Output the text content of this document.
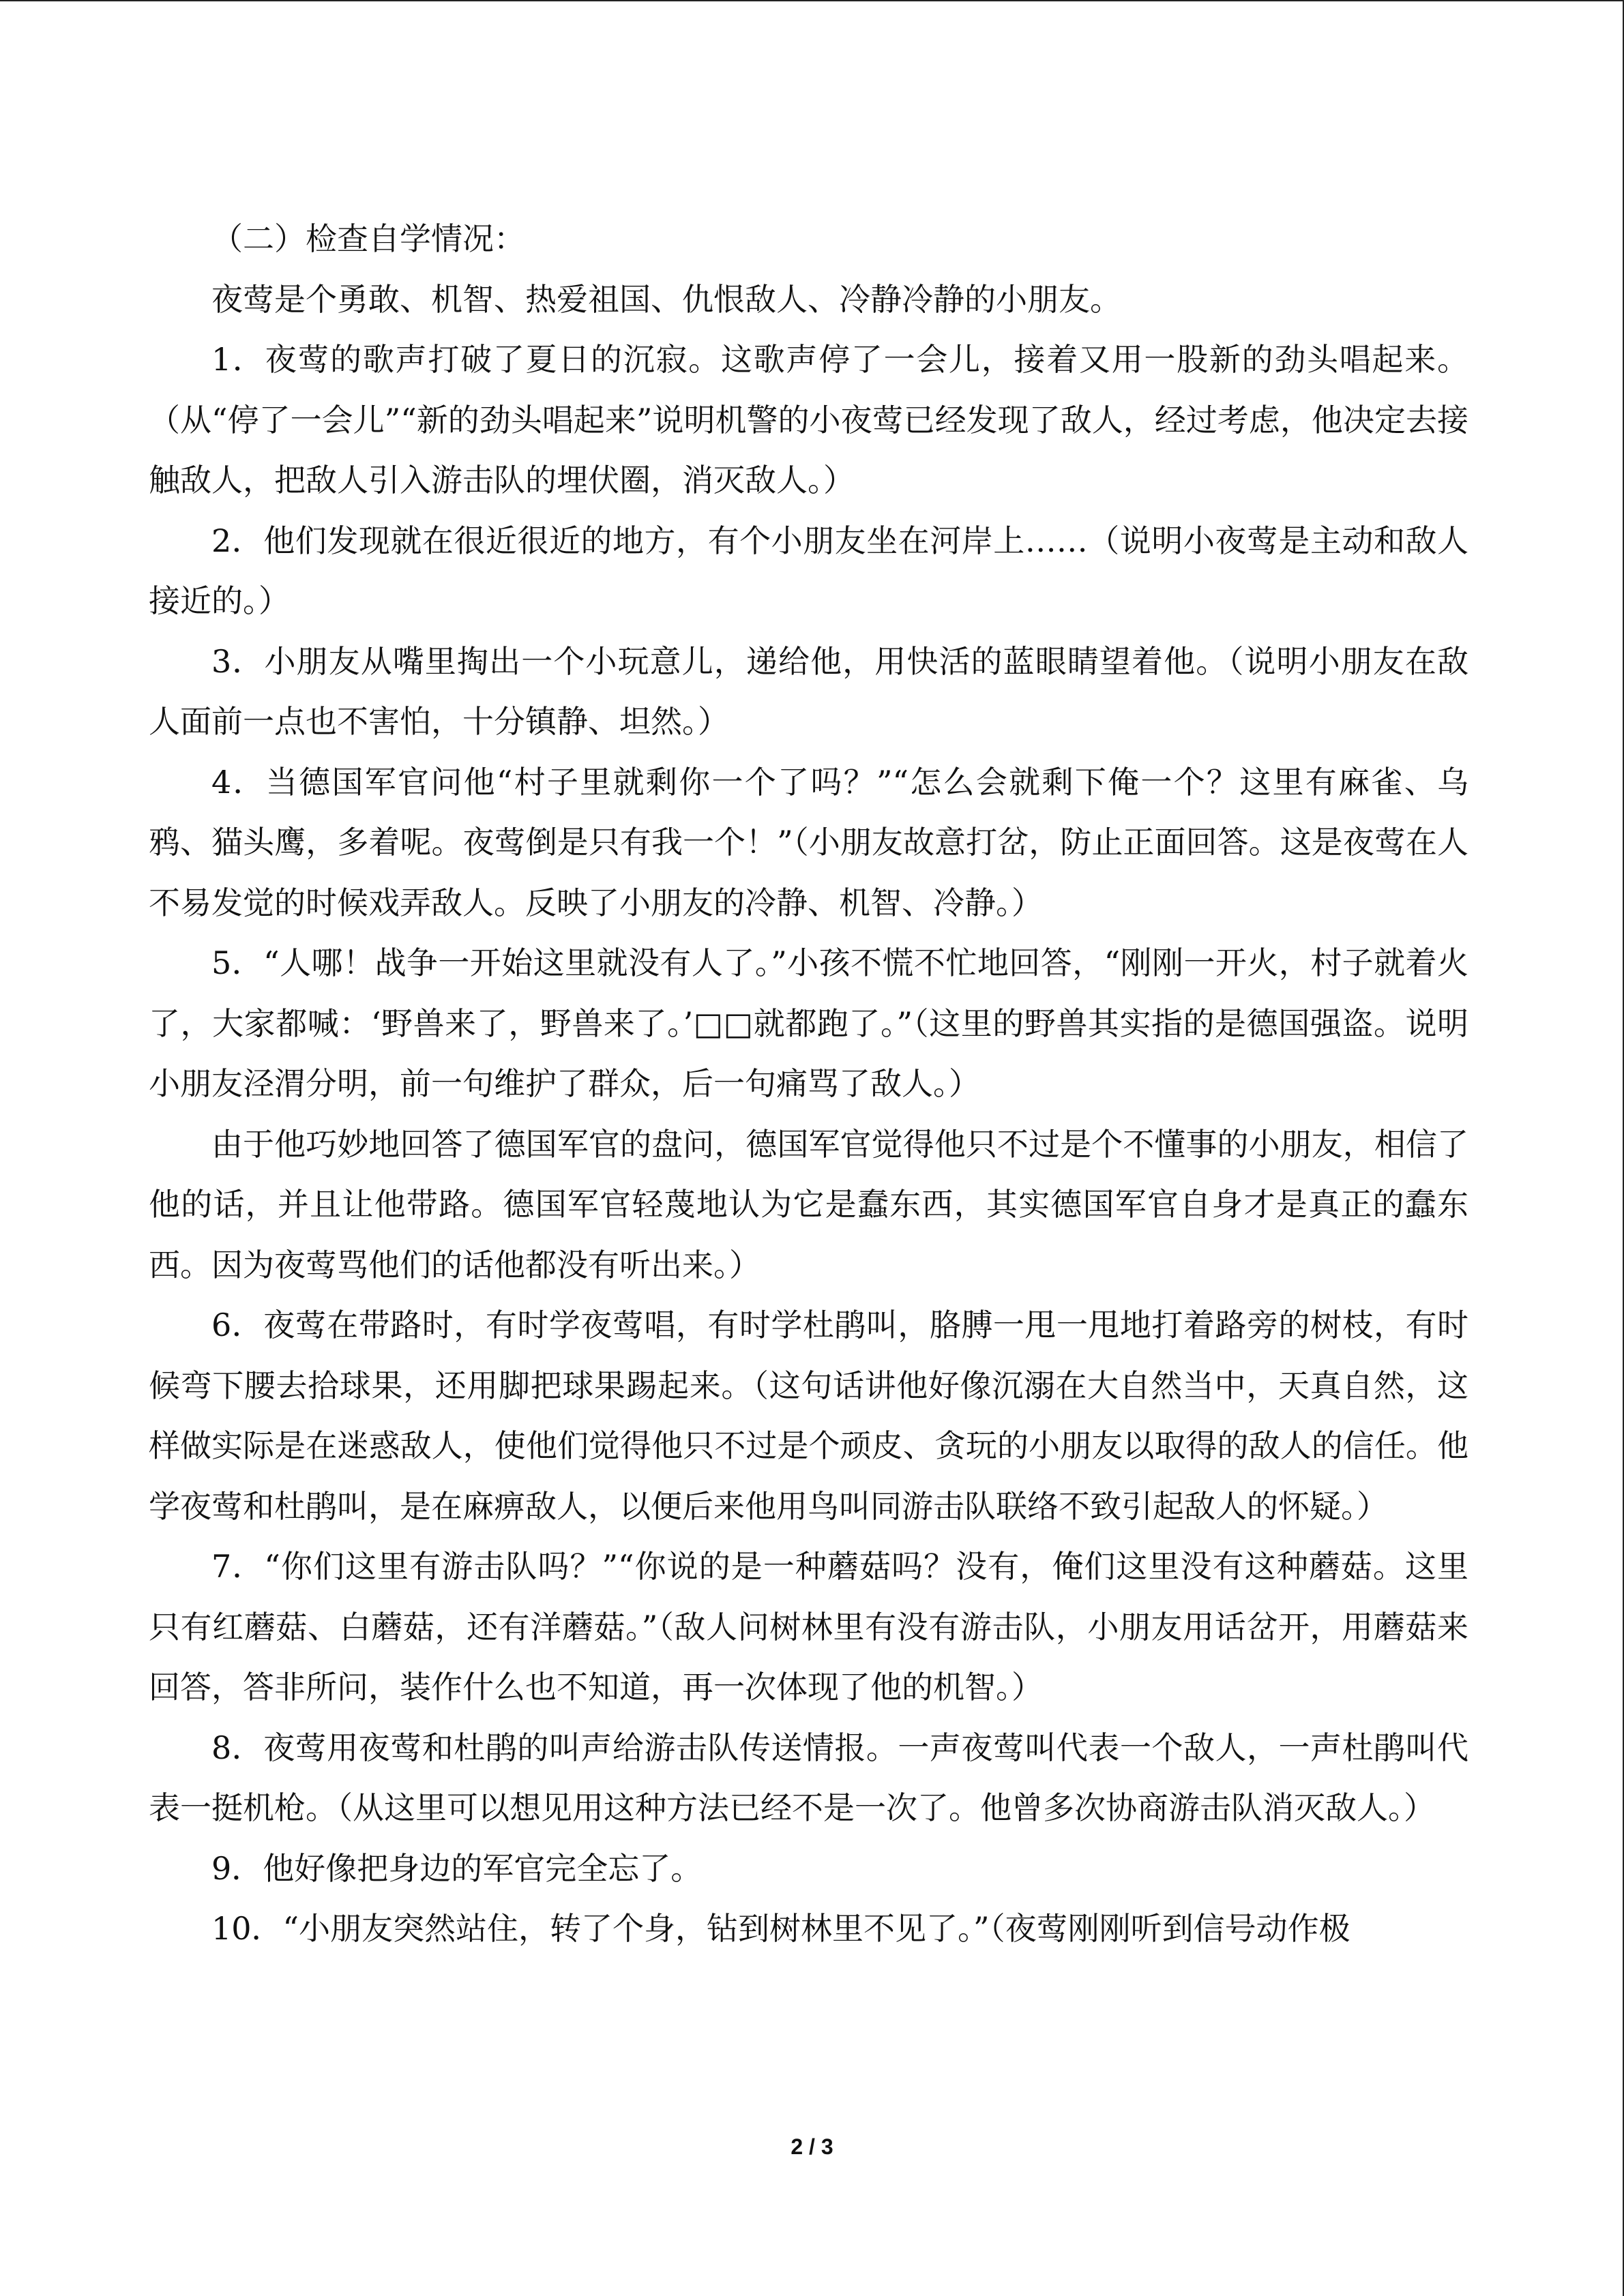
（二）检查自学情况：

夜莺是个勇敢、机智、热爱祖国、仇恨敌人、冷静冷静的小朋友。

1．夜莺的歌声打破了夏日的沉寂。这歌声停了一会儿，接着又用一股新的劲头唱起来。（从“停了一会儿”“新的劲头唱起来”说明机警的小夜莺已经发现了敌人，经过考虑，他决定去接触敌人，把敌人引入游击队的埋伏圈，消灭敌人。）

2．他们发现就在很近很近的地方，有个小朋友坐在河岸上……（说明小夜莺是主动和敌人接近的。）

3．小朋友从嘴里掏出一个小玩意儿，递给他，用快活的蓝眼睛望着他。（说明小朋友在敌人面前一点也不害怕，十分镇静、坦然。）

4．当德国军官问他“村子里就剩你一个了吗？”“怎么会就剩下俺一个？这里有麻雀、乌鸦、猫头鹰，多着呢。夜莺倒是只有我一个！”（小朋友故意打岔，防止正面回答。这是夜莺在人不易发觉的时候戏弄敌人。反映了小朋友的冷静、机智、冷静。）

5．“人哪！战争一开始这里就没有人了。”小孩不慌不忙地回答，“刚刚一开火，村子就着火了，大家都喊：‘野兽来了，野兽来了。’□□就都跑了。”（这里的野兽其实指的是德国强盗。说明小朋友泾渭分明，前一句维护了群众，后一句痛骂了敌人。）

由于他巧妙地回答了德国军官的盘问，德国军官觉得他只不过是个不懂事的小朋友，相信了他的话，并且让他带路。德国军官轻蔑地认为它是蠢东西，其实德国军官自身才是真正的蠢东西。因为夜莺骂他们的话他都没有听出来。）

6．夜莺在带路时，有时学夜莺唱，有时学杜鹃叫，胳膊一甩一甩地打着路旁的树枝，有时候弯下腰去拾球果，还用脚把球果踢起来。（这句话讲他好像沉溺在大自然当中，天真自然，这样做实际是在迷惑敌人，使他们觉得他只不过是个顽皮、贪玩的小朋友以取得的敌人的信任。他学夜莺和杜鹃叫，是在麻痹敌人，以便后来他用鸟叫同游击队联络不致引起敌人的怀疑。）

7．“你们这里有游击队吗？”“你说的是一种蘑菇吗？没有，俺们这里没有这种蘑菇。这里只有红蘑菇、白蘑菇，还有洋蘑菇。”（敌人问树林里有没有游击队，小朋友用话岔开，用蘑菇来回答，答非所问，装作什么也不知道，再一次体现了他的机智。）

8．夜莺用夜莺和杜鹃的叫声给游击队传送情报。一声夜莺叫代表一个敌人，一声杜鹃叫代表一挺机枪。（从这里可以想见用这种方法已经不是一次了。他曾多次协商游击队消灭敌人。）

9．他好像把身边的军官完全忘了。

10．“小朋友突然站住，转了个身，钻到树林里不见了。”（夜莺刚刚听到信号动作极

2 / 3
